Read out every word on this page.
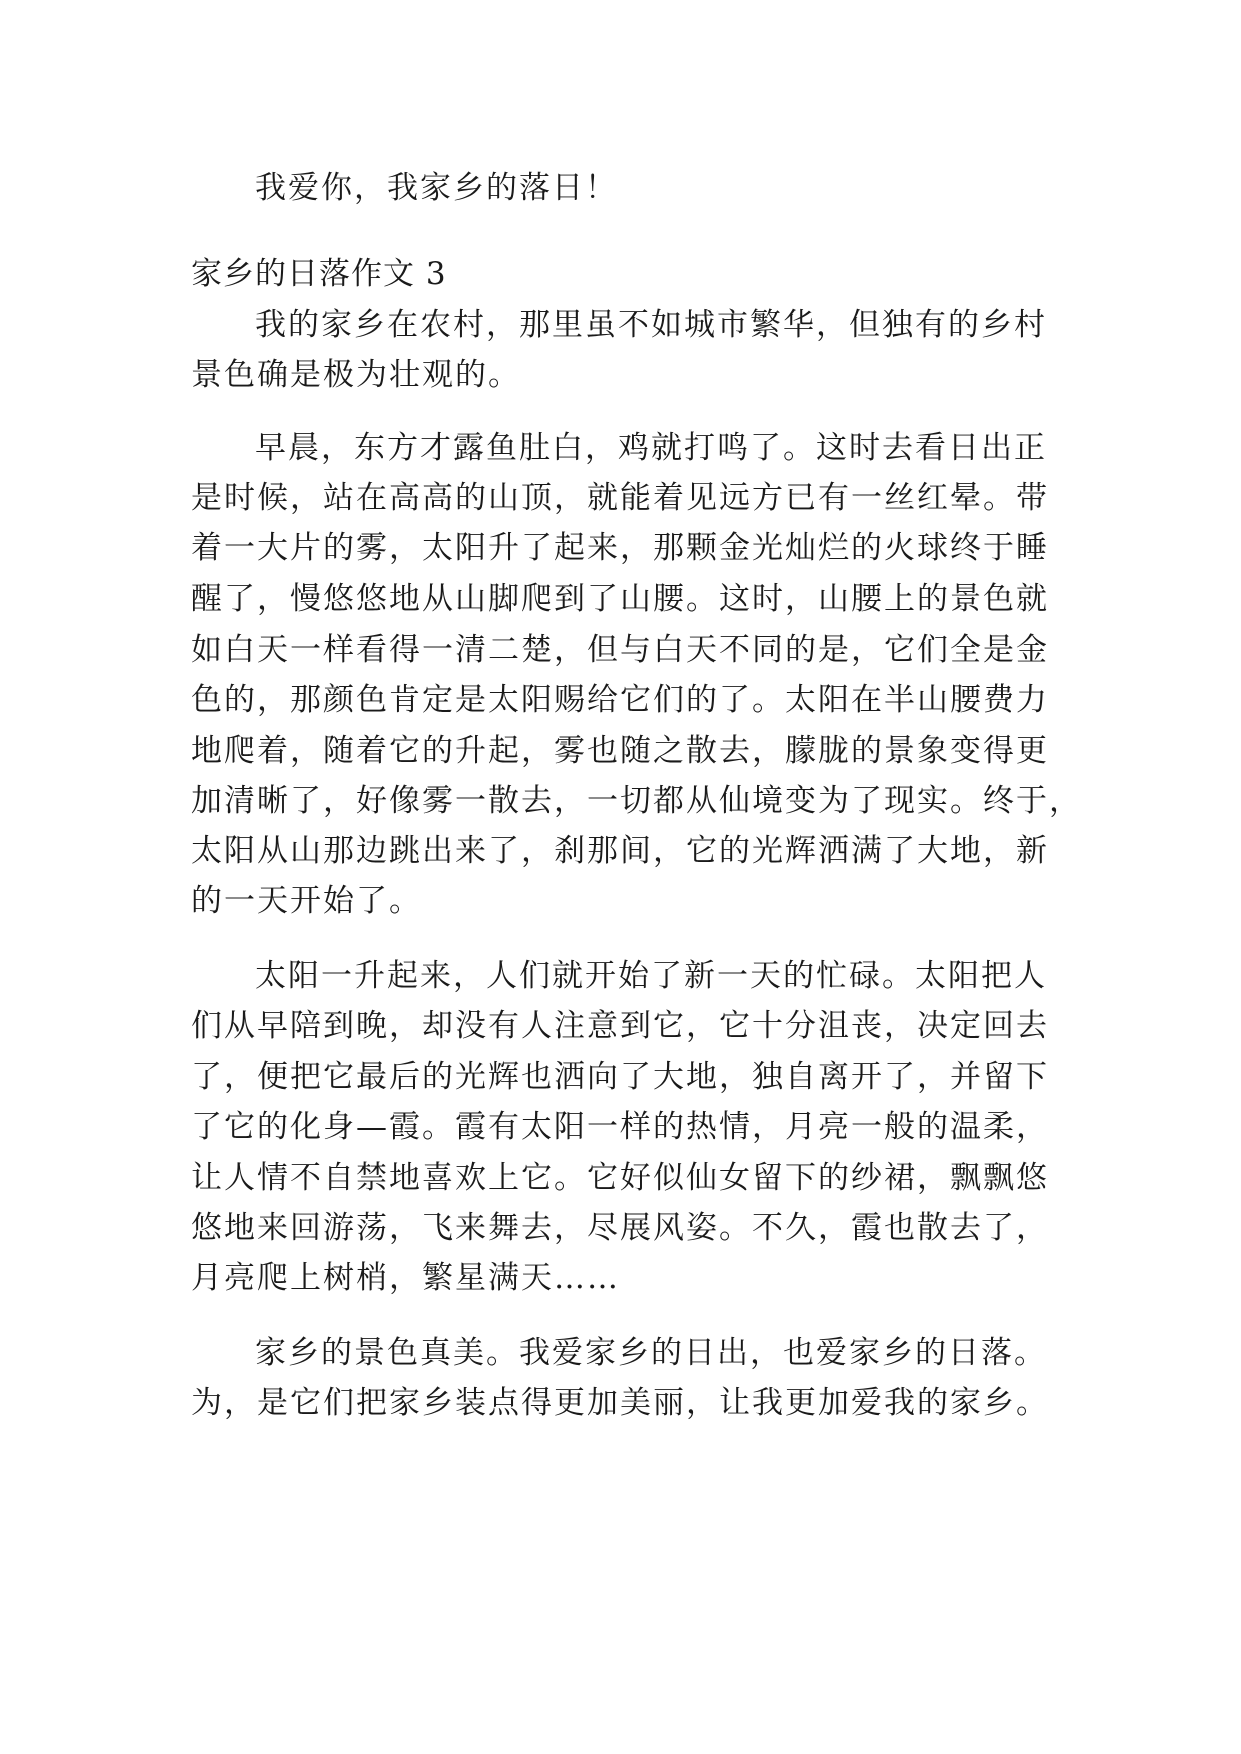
我爱你，我家乡的落日！
家乡的日落作文 3
我的家乡在农村，那里虽不如城市繁华，但独有的乡村
景色确是极为壮观的。
早晨，东方才露鱼肚白，鸡就打鸣了。这时去看日出正
是时候，站在高高的山顶，就能着见远方已有一丝红晕。带
着一大片的雾，太阳升了起来，那颗金光灿烂的火球终于睡
醒了，慢悠悠地从山脚爬到了山腰。这时，山腰上的景色就
如白天一样看得一清二楚，但与白天不同的是，它们全是金
色的，那颜色肯定是太阳赐给它们的了。太阳在半山腰费力
地爬着，随着它的升起，雾也随之散去，朦胧的景象变得更
加清晰了，好像雾一散去，一切都从仙境变为了现实。终于，
太阳从山那边跳出来了，刹那间，它的光辉洒满了大地，新
的一天开始了。
太阳一升起来，人们就开始了新一天的忙碌。太阳把人
们从早陪到晚，却没有人注意到它，它十分沮丧，决定回去
了，便把它最后的光辉也洒向了大地，独自离开了，并留下
了它的化身—霞。霞有太阳一样的热情，月亮一般的温柔，
让人情不自禁地喜欢上它。它好似仙女留下的纱裙，飘飘悠
悠地来回游荡，飞来舞去，尽展风姿。不久，霞也散去了，
月亮爬上树梢，繁星满天……
家乡的景色真美。我爱家乡的日出，也爱家乡的日落。
为，是它们把家乡装点得更加美丽，让我更加爱我的家乡。
